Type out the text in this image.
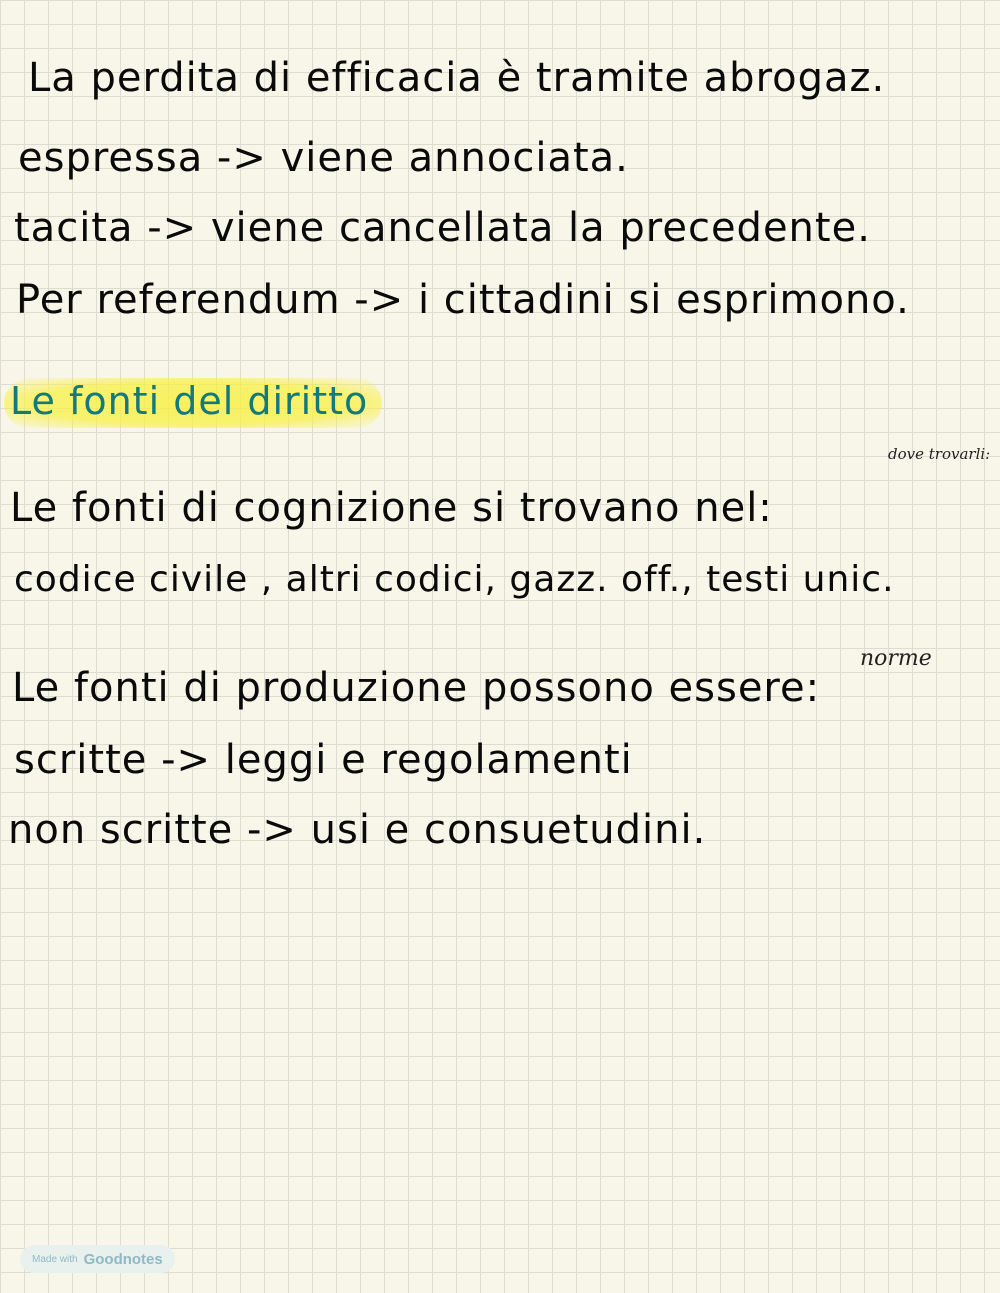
La perdita di efficacia è tramite abrogaz.
espressa -> viene annociata.
tacita -> viene cancellata la precedente.
Per referendum -> i cittadini si esprimono.
Le fonti del diritto
dove trovarli:
Le fonti di cognizione si trovano nel:
codice civile , altri codici, gazz. off., testi unic.
norme
Le fonti di produzione possono essere:
scritte -> leggi e regolamenti
non scritte -> usi e consuetudini.
Made with Goodnotes
